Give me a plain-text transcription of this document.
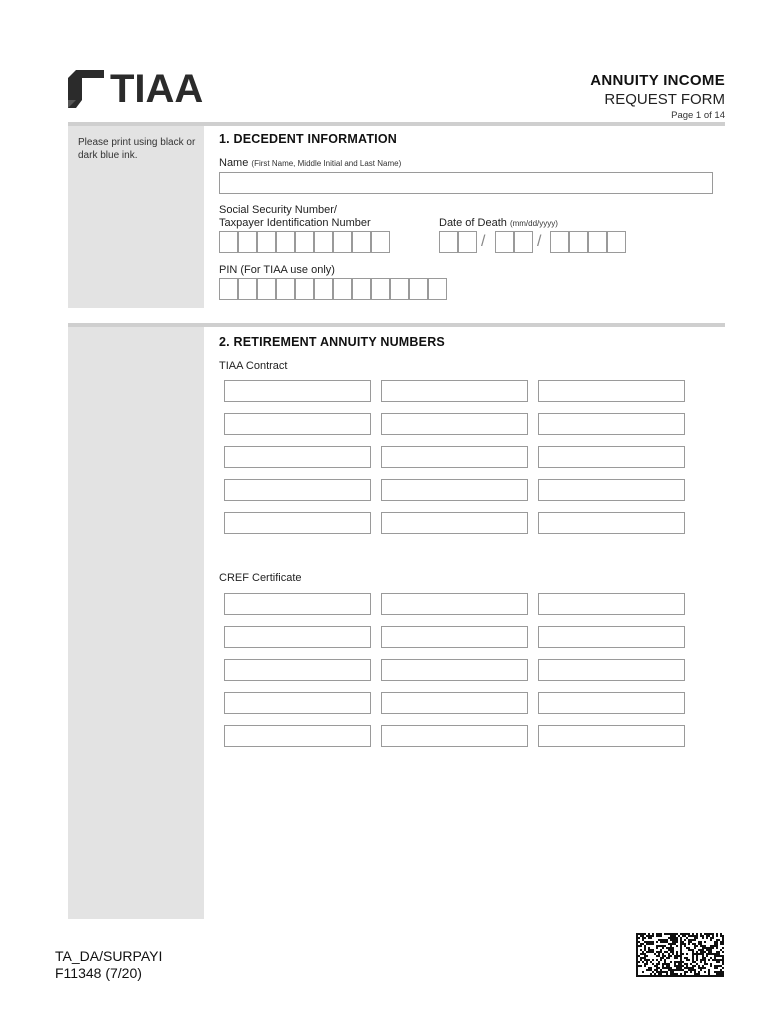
TIAA	ANNUITY INCOME
REQUEST FORM
Page 1 of 14
Please print using black or dark blue ink.
1. DECEDENT INFORMATION
Name (First Name, Middle Initial and Last Name)
Social Security Number/
Taxpayer Identification Number	Date of Death (mm/dd/yyyy)
/	/
PIN (For TIAA use only)
2. RETIREMENT ANNUITY NUMBERS
TIAA Contract
CREF Certificate
TA_DA/SURPAYI
F11348 (7/20)
